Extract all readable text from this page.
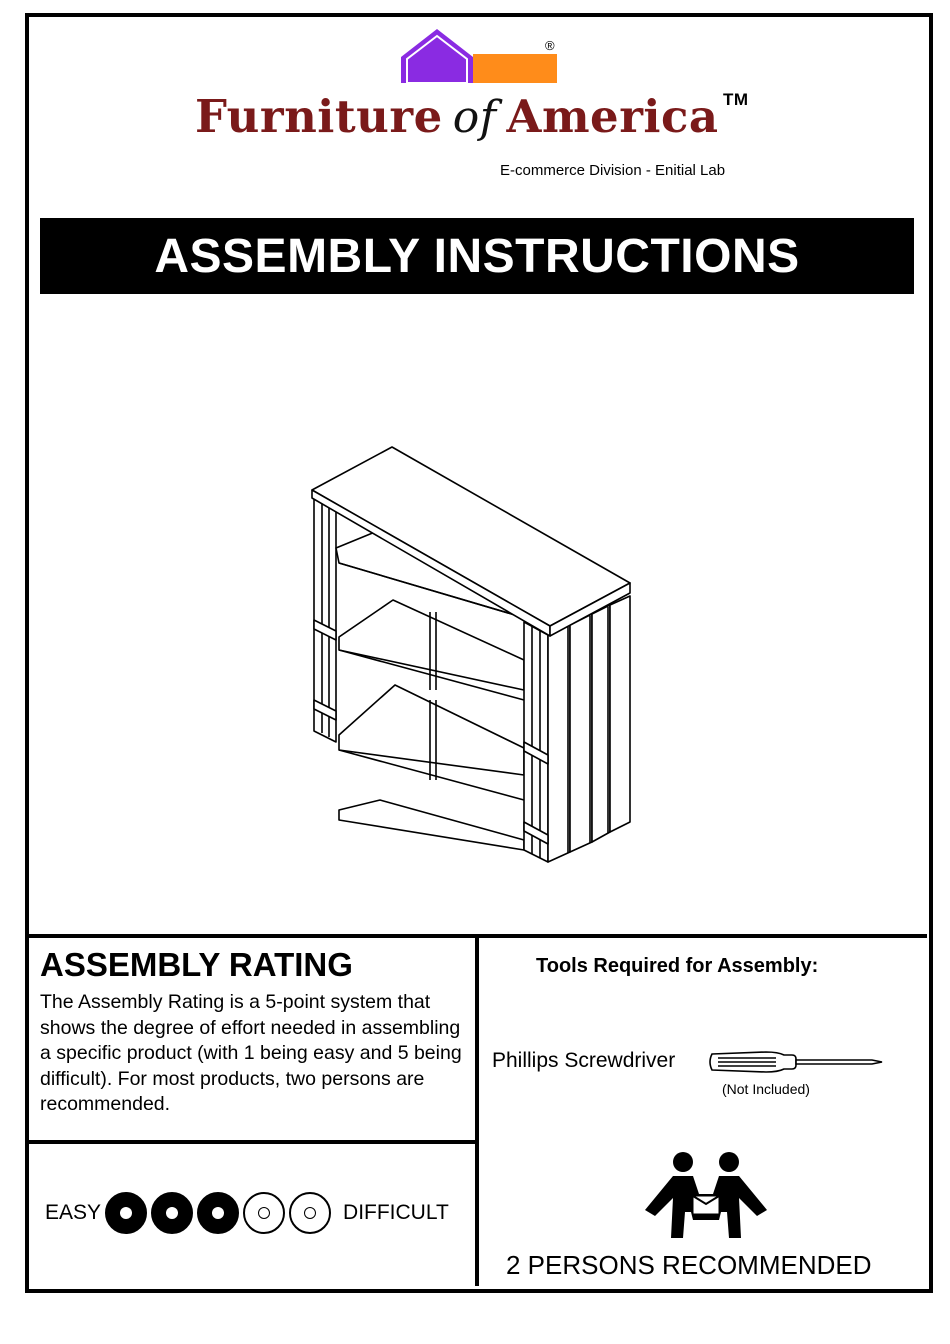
®
Furniture of America TM
E-commerce Division - Enitial Lab
ASSEMBLY INSTRUCTIONS
ASSEMBLY RATING
The Assembly Rating is a 5-point system that shows the degree of effort needed in assembling a specific product (with 1 being easy and 5 being difficult). For most products, two persons are recommended.
EASY	DIFFICULT
Tools Required for Assembly:
Phillips Screwdriver
(Not Included)
2 PERSONS RECOMMENDED
